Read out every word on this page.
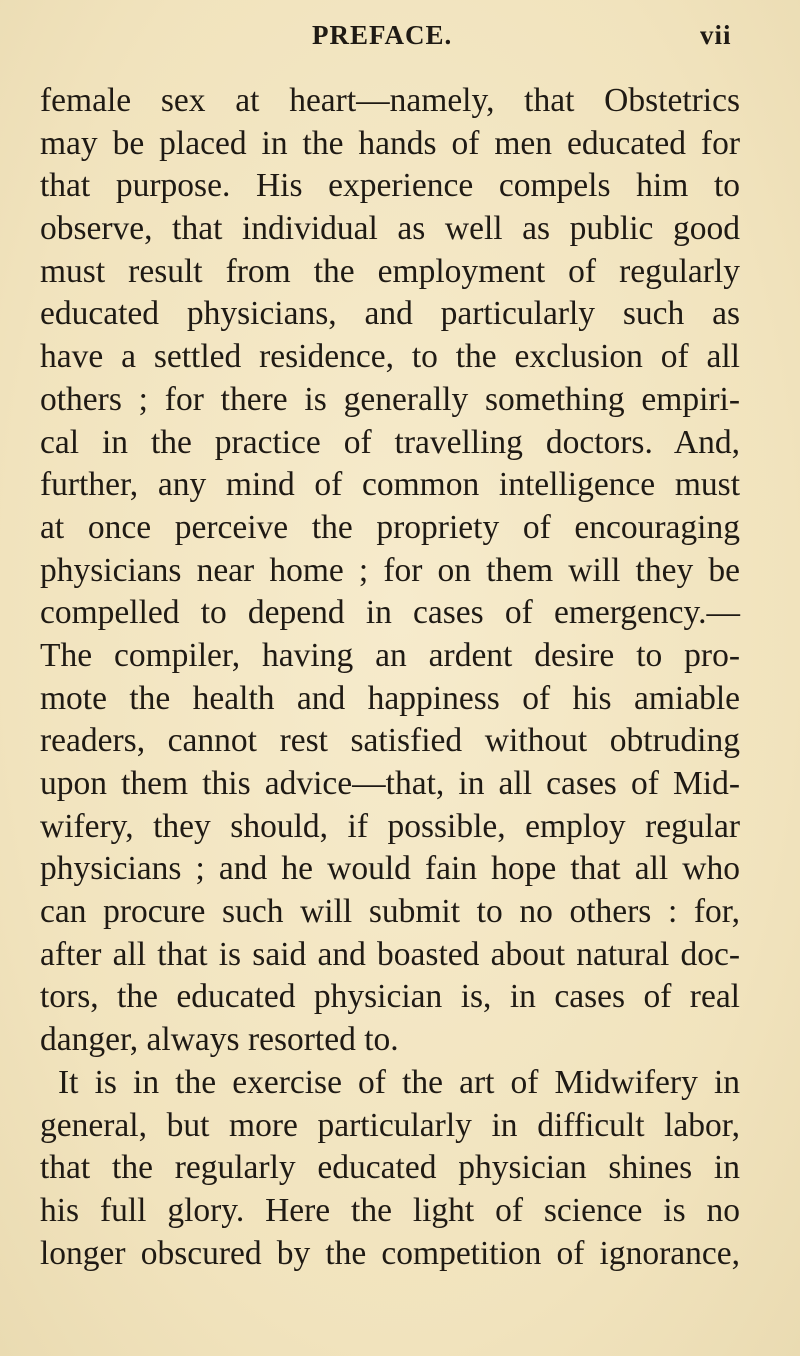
PREFACE.	vii
female sex at heart—namely, that Obstetrics
may be placed in the hands of men educated for
that purpose. His experience compels him to
observe, that individual as well as public good
must result from the employment of regularly
educated physicians, and particularly such as
have a settled residence, to the exclusion of all
others ; for there is generally something empiri-
cal in the practice of travelling doctors. And,
further, any mind of common intelligence must
at once perceive the propriety of encouraging
physicians near home ; for on them will they be
compelled to depend in cases of emergency.—
The compiler, having an ardent desire to pro-
mote the health and happiness of his amiable
readers, cannot rest satisfied without obtruding
upon them this advice—that, in all cases of Mid-
wifery, they should, if possible, employ regular
physicians ; and he would fain hope that all who
can procure such will submit to no others : for,
after all that is said and boasted about natural doc-
tors, the educated physician is, in cases of real
danger, always resorted to.
It is in the exercise of the art of Midwifery in
general, but more particularly in difficult labor,
that the regularly educated physician shines in
his full glory. Here the light of science is no
longer obscured by the competition of ignorance,
